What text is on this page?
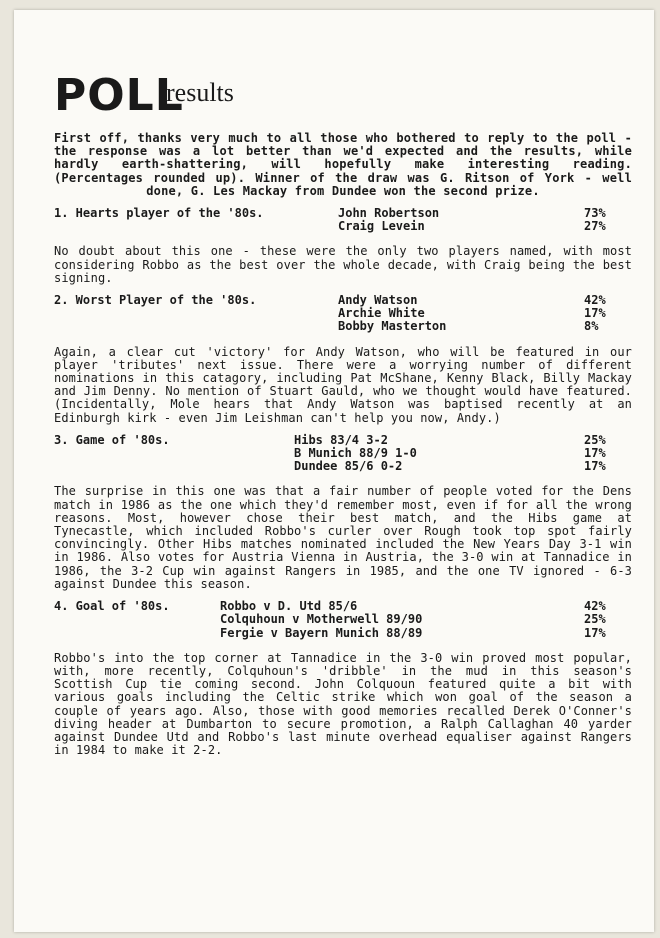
POLL
results
First off, thanks very much to all those who bothered to reply to the poll - the response was a lot better than we'd expected and the results, while hardly earth-shattering, will hopefully make interesting reading. (Percentages rounded up). Winner of the draw was G. Ritson of York - well done, G. Les Mackay from Dundee won the second prize.
1. Hearts player of the '80s.	John Robertson	73%
Craig Levein	27%
No doubt about this one - these were the only two players named, with most considering Robbo as the best over the whole decade, with Craig being the best signing.
2. Worst Player of the '80s.	Andy Watson	42%
Archie White	17%
Bobby Masterton	8%
Again, a clear cut 'victory' for Andy Watson, who will be featured in our player 'tributes' next issue. There were a worrying number of different nominations in this catagory, including Pat McShane, Kenny Black, Billy Mackay and Jim Denny. No mention of Stuart Gauld, who we thought would have featured. (Incidentally, Mole hears that Andy Watson was baptised recently at an Edinburgh kirk - even Jim Leishman can't help you now, Andy.)
3. Game of '80s.	Hibs 83/4 3-2	25%
B Munich 88/9 1-0	17%
Dundee 85/6 0-2	17%
The surprise in this one was that a fair number of people voted for the Dens match in 1986 as the one which they'd remember most, even if for all the wrong reasons. Most, however chose their best match, and the Hibs game at Tynecastle, which included Robbo's curler over Rough took top spot fairly convincingly. Other Hibs matches nominated included the New Years Day 3-1 win in 1986. Also votes for Austria Vienna in Austria, the 3-0 win at Tannadice in 1986, the 3-2 Cup win against Rangers in 1985, and the one TV ignored - 6-3 against Dundee this season.
4. Goal of '80s.	Robbo v D. Utd 85/6	42%
Colquhoun v Motherwell 89/90	25%
Fergie v Bayern Munich 88/89	17%
Robbo's into the top corner at Tannadice in the 3-0 win proved most popular, with, more recently, Colquhoun's 'dribble' in the mud in this season's Scottish Cup tie coming second. John Colquoun featured quite a bit with various goals including the Celtic strike which won goal of the season a couple of years ago. Also, those with good memories recalled Derek O'Conner's diving header at Dumbarton to secure promotion, a Ralph Callaghan 40 yarder against Dundee Utd and Robbo's last minute overhead equaliser against Rangers in 1984 to make it 2-2.
